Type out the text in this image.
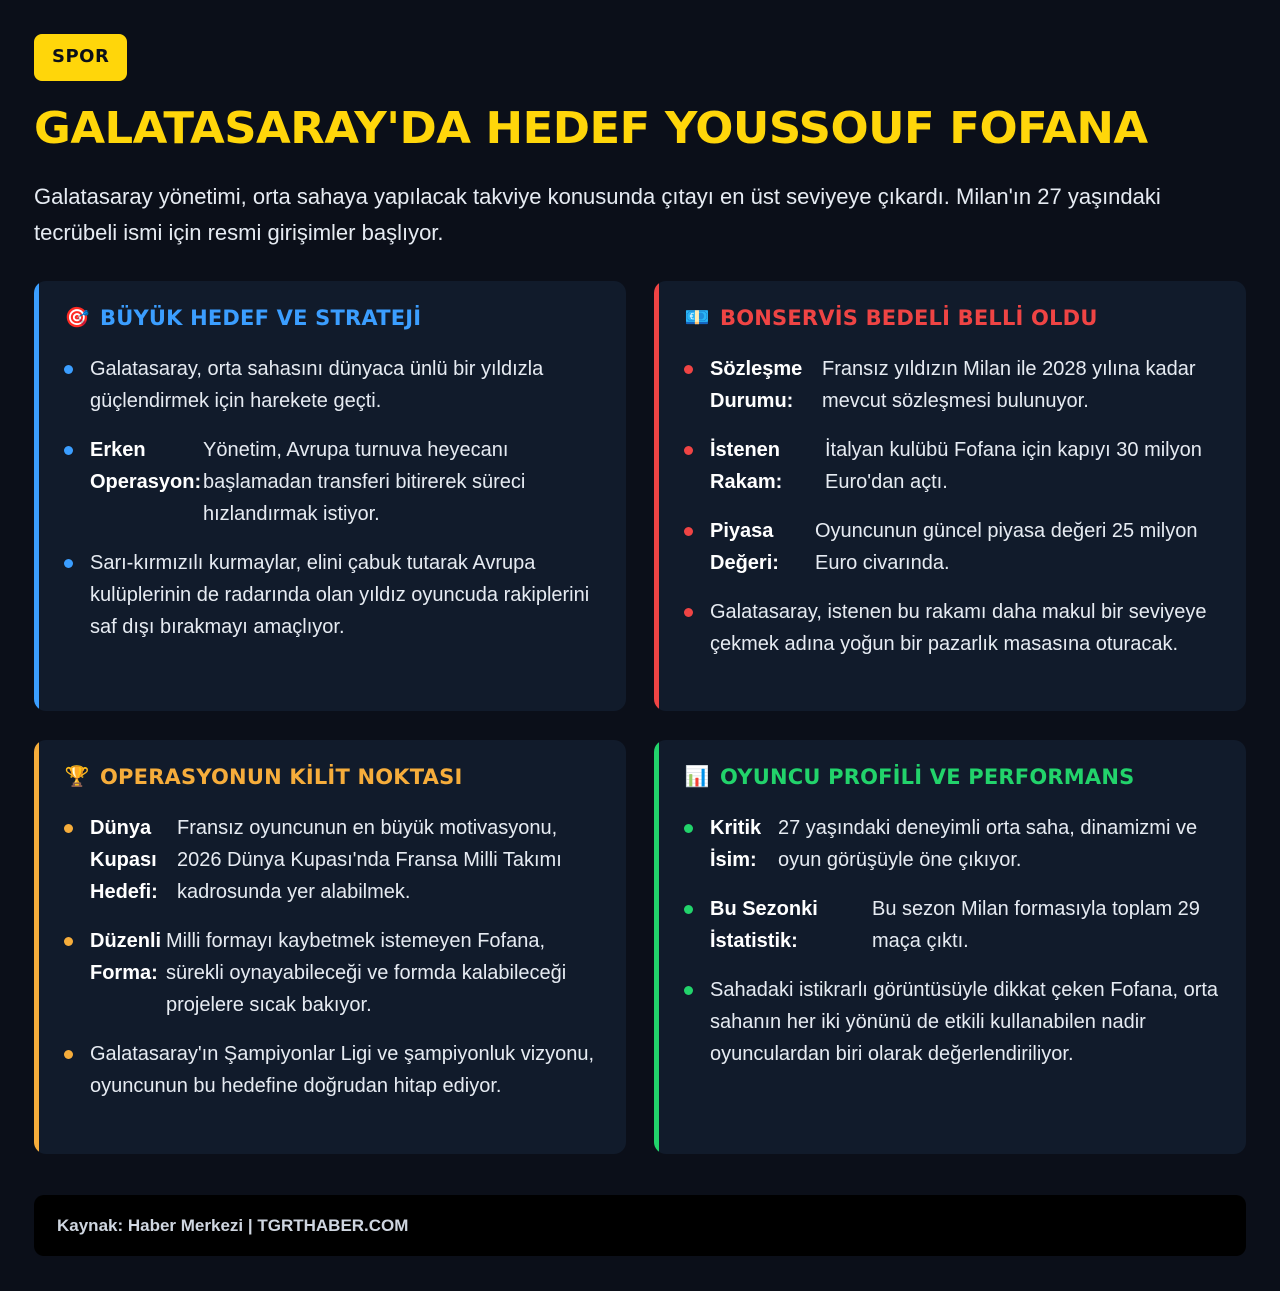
SPOR
GALATASARAY'DA HEDEF YOUSSOUF FOFANA

Galatasaray yönetimi, orta sahaya yapılacak takviye konusunda çıtayı en üst seviyeye çıkardı. Milan'ın 27 yaşındaki tecrübeli ismi için resmi girişimler başlıyor.

🎯 BÜYÜK HEDEF VE STRATEJİ
Galatasaray, orta sahasını dünyaca ünlü bir yıldızla güçlendirmek için harekete geçti.
Erken Operasyon:
Yönetim, Avrupa turnuva heyecanı başlamadan transferi bitirerek süreci hızlandırmak istiyor.
Sarı-kırmızılı kurmaylar, elini çabuk tutarak Avrupa kulüplerinin de radarında olan yıldız oyuncuda rakiplerini saf dışı bırakmayı amaçlıyor.
💶 BONSERVİS BEDELİ BELLİ OLDU
Sözleşme Durumu:
Fransız yıldızın Milan ile 2028 yılına kadar mevcut sözleşmesi bulunuyor.
İstenen Rakam:
İtalyan kulübü Fofana için kapıyı 30 milyon Euro'dan açtı.
Piyasa Değeri:
Oyuncunun güncel piyasa değeri 25 milyon Euro civarında.
Galatasaray, istenen bu rakamı daha makul bir seviyeye çekmek adına yoğun bir pazarlık masasına oturacak.
🏆 OPERASYONUN KİLİT NOKTASI
Dünya Kupası Hedefi:
Fransız oyuncunun en büyük motivasyonu, 2026 Dünya Kupası'nda Fransa Milli Takımı kadrosunda yer alabilmek.
Düzenli Forma:
Milli formayı kaybetmek istemeyen Fofana, sürekli oynayabileceği ve formda kalabileceği projelere sıcak bakıyor.
Galatasaray'ın Şampiyonlar Ligi ve şampiyonluk vizyonu, oyuncunun bu hedefine doğrudan hitap ediyor.
📊 OYUNCU PROFİLİ VE PERFORMANS
Kritik İsim:
27 yaşındaki deneyimli orta saha, dinamizmi ve oyun görüşüyle öne çıkıyor.
Bu Sezonki İstatistik:
Bu sezon Milan formasıyla toplam 29 maça çıktı.
Sahadaki istikrarlı görüntüsüyle dikkat çeken Fofana, orta sahanın her iki yönünü de etkili kullanabilen nadir oyunculardan biri olarak değerlendiriliyor.
Kaynak: Haber Merkezi | TGRTHABER.COM
